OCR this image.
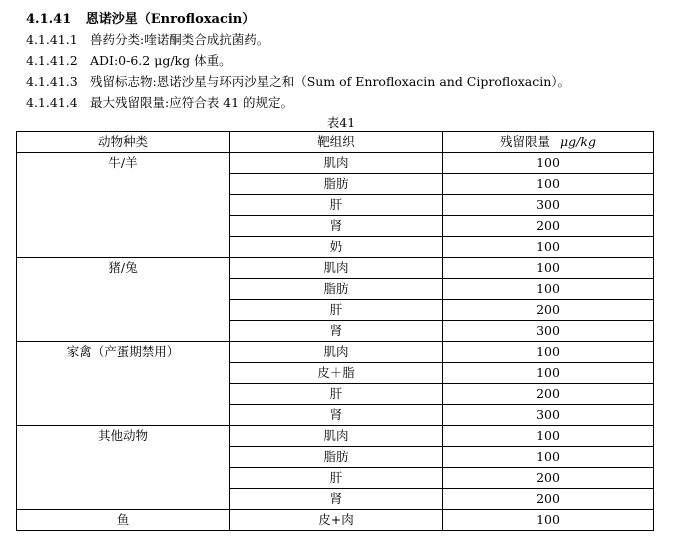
4.1.41 恩诺沙星（Enrofloxacin）
4.1.41.1 兽药分类:喹诺酮类合成抗菌药。
4.1.41.2 ADI:0-6.2 μg/kg 体重。
4.1.41.3 残留标志物:恩诺沙星与环丙沙星之和（Sum of Enrofloxacin and Ciprofloxacin）。
4.1.41.4 最大残留限量:应符合表 41 的规定。
表41
动物种类	靶组织	残留限量 μg/kg
牛/羊	肌肉	100
	脂肪	100
	肝	300
	肾	200
	奶	100
猪/兔	肌肉	100
	脂肪	100
	肝	200
	肾	300
家禽（产蛋期禁用）	肌肉	100
	皮＋脂	100
	肝	200
	肾	300
其他动物	肌肉	100
	脂肪	100
	肝	200
	肾	200
鱼	皮+肉	100
